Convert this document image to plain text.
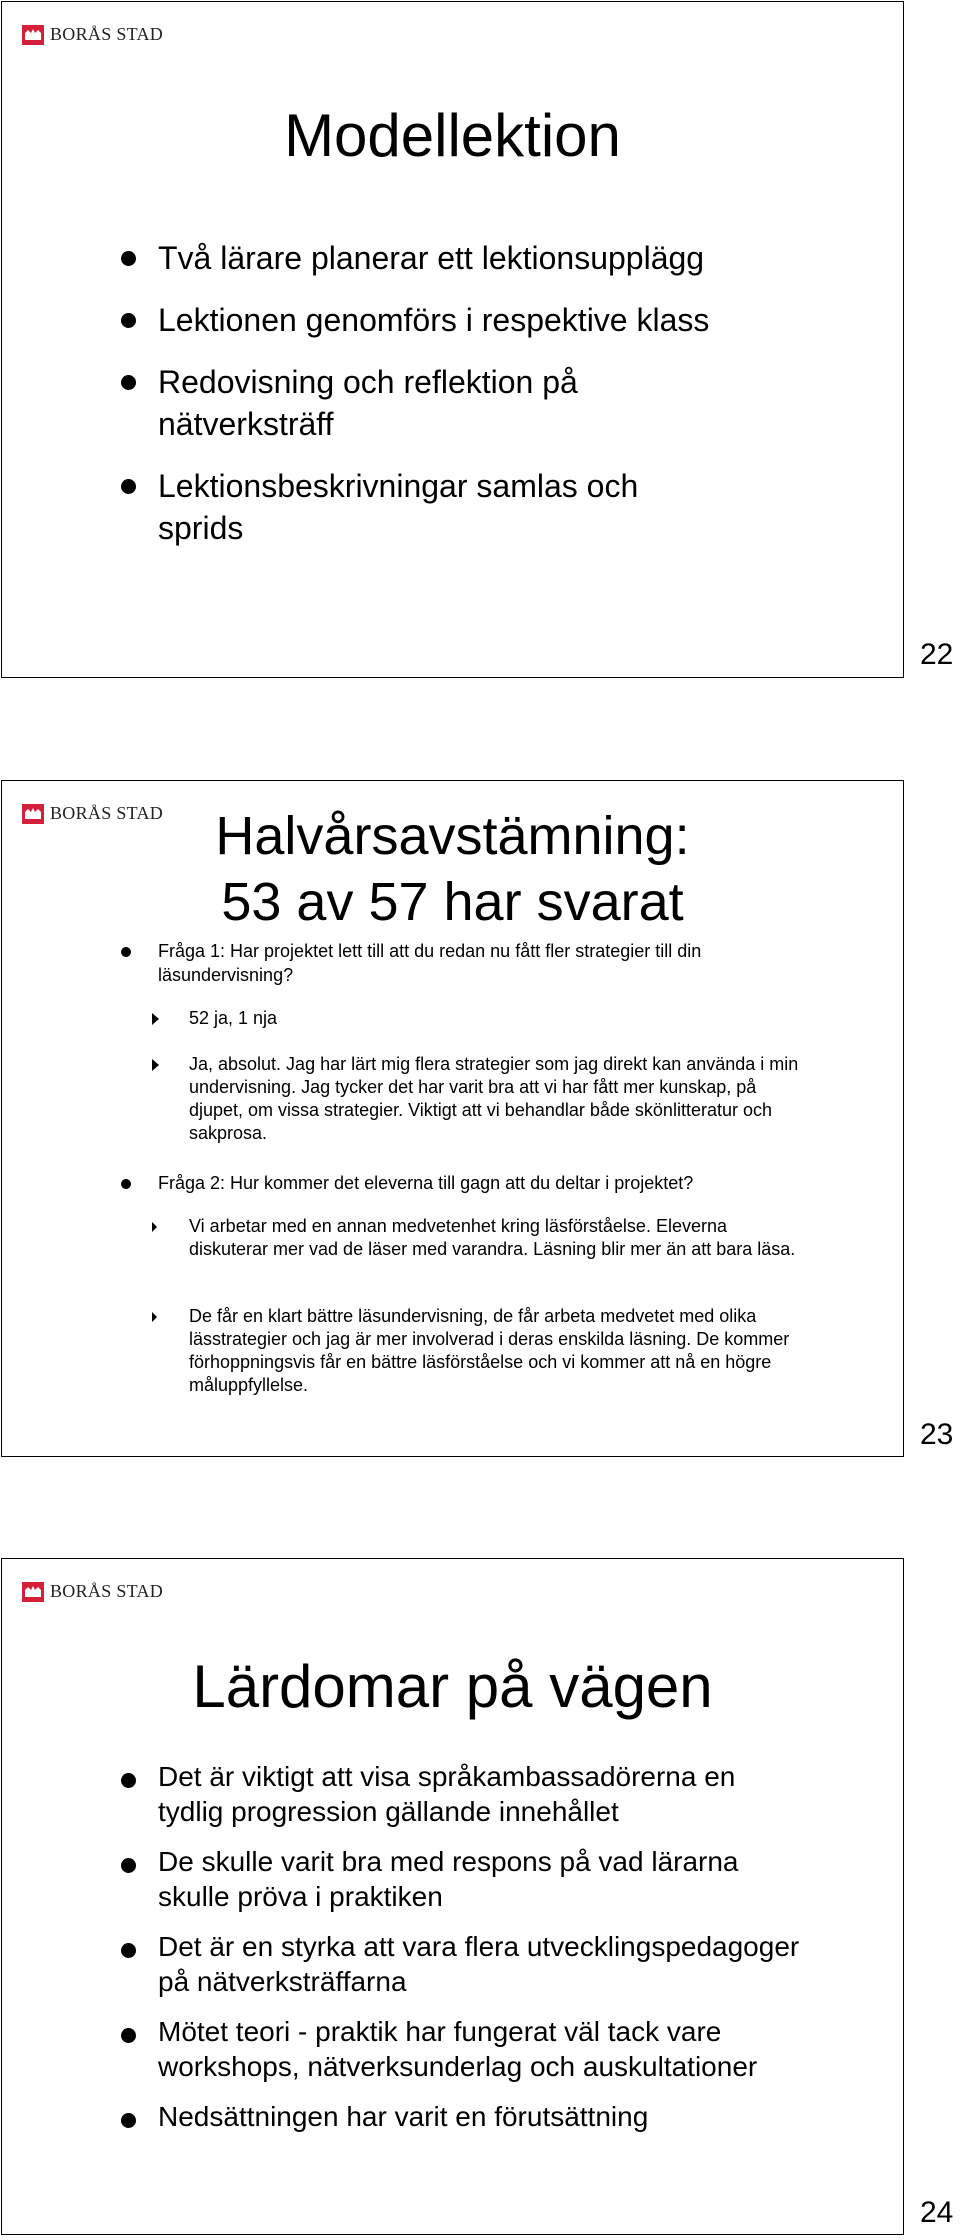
BORÅS STAD
Modellektion
Två lärare planerar ett lektionsupplägg
Lektionen genomförs i respektive klass
Redovisning och reflektion på nätverksträff
Lektionsbeskrivningar samlas och sprids
22
BORÅS STAD Halvårsavstämning:
53 av 57 har svarat

Fråga 1: Har projektet lett till att du redan nu fått fler strategier till din läsundervisning?

52 ja, 1 nja
Ja, absolut. Jag har lärt mig flera strategier som jag direkt kan använda i min undervisning. Jag tycker det har varit bra att vi har fått mer kunskap, på djupet, om vissa strategier. Viktigt att vi behandlar både skönlitteratur och sakprosa.

Fråga 2: Hur kommer det eleverna till gagn att du deltar i projektet?

Vi arbetar med en annan medvetenhet kring läsförståelse. Eleverna diskuterar mer vad de läser med varandra. Läsning blir mer än att bara läsa.
De får en klart bättre läsundervisning, de får arbeta medvetet med olika lässtrategier och jag är mer involverad i deras enskilda läsning. De kommer förhoppningsvis får en bättre läsförståelse och vi kommer att nå en högre måluppfyllelse.
23
BORÅS STAD
Lärdomar på vägen
Det är viktigt att visa språkambassadörerna en tydlig progression gällande innehållet
De skulle varit bra med respons på vad lärarna skulle pröva i praktiken
Det är en styrka att vara flera utvecklingspedagoger på nätverksträffarna
Mötet teori - praktik har fungerat väl tack vare workshops, nätverksunderlag och auskultationer
Nedsättningen har varit en förutsättning
24
